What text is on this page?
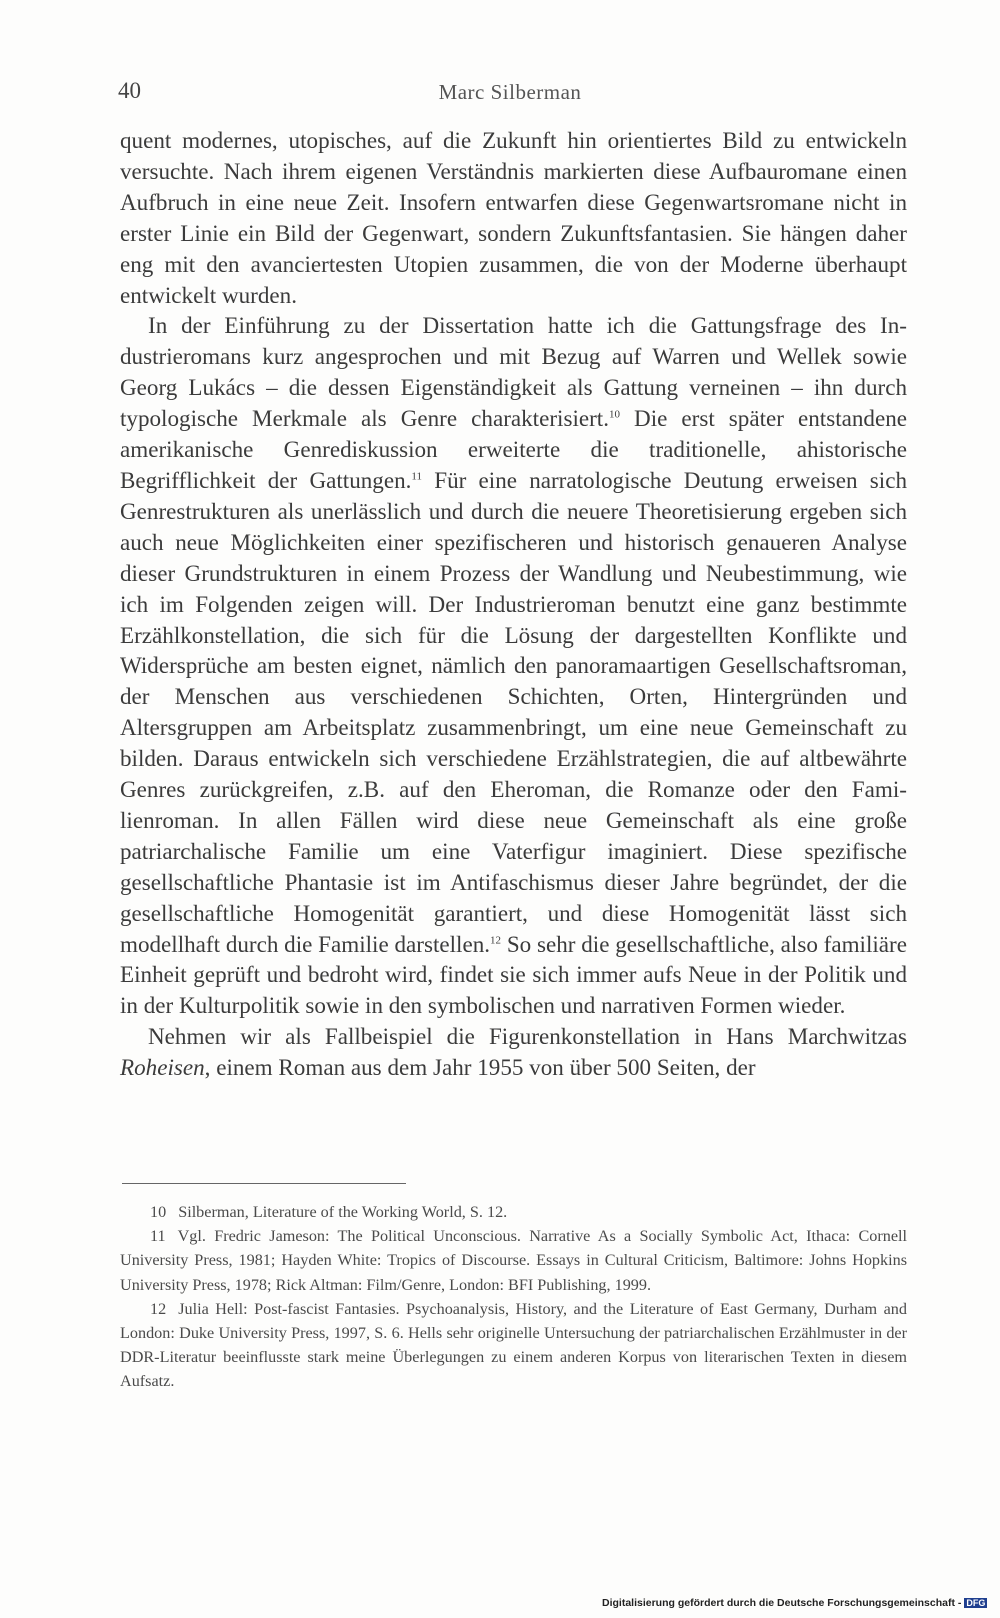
40	Marc Silberman

quent modernes, utopisches, auf die Zukunft hin orientiertes Bild zu entwickeln versuchte. Nach ihrem eigenen Verständnis markierten diese Aufbauromane einen Aufbruch in eine neue Zeit. Insofern entwarfen diese Gegenwartsromane nicht in erster Linie ein Bild der Gegenwart, sondern Zukunftsfantasien. Sie hängen daher eng mit den avanciertesten Utopien zusammen, die von der Moderne überhaupt entwickelt wurden.

In der Einführung zu der Dissertation hatte ich die Gattungsfrage des Industrieromans kurz angesprochen und mit Bezug auf Warren und Wellek sowie Georg Lukács – die dessen Eigenständigkeit als Gattung verneinen – ihn durch typologische Merkmale als Genre charakterisiert.$^{10}$ Die erst später entstandene amerikanische Genrediskussion erweiterte die traditionelle, ahistorische Begrifflichkeit der Gattungen.$^{11}$ Für eine narratologische Deutung erweisen sich Genrestrukturen als unerlässlich und durch die neuere Theoretisierung ergeben sich auch neue Möglichkeiten einer spezifischeren und historisch genaueren Analyse dieser Grundstrukturen in einem Prozess der Wandlung und Neubestimmung, wie ich im Folgenden zeigen will. Der Industrieroman benutzt eine ganz bestimmte Erzählkonstellation, die sich für die Lösung der dargestellten Konflikte und Widersprüche am besten eignet, nämlich den panoramaartigen Gesellschaftsroman, der Menschen aus verschiedenen Schichten, Orten, Hintergründen und Altersgruppen am Arbeitsplatz zusammenbringt, um eine neue Gemeinschaft zu bilden. Daraus entwickeln sich verschiedene Erzählstrategien, die auf altbewährte Genres zurückgreifen, z.B. auf den Eheroman, die Romanze oder den Familienroman. In allen Fällen wird diese neue Gemeinschaft als eine große patriarchalische Familie um eine Vaterfigur imaginiert. Diese spezifische gesellschaftliche Phantasie ist im Antifaschismus dieser Jahre begründet, der die gesellschaftliche Homogenität garantiert, und diese Homogenität lässt sich modellhaft durch die Familie darstellen.$^{12}$ So sehr die gesellschaftliche, also familiäre Einheit geprüft und bedroht wird, findet sie sich immer aufs Neue in der Politik und in der Kulturpolitik sowie in den symbolischen und narrativen Formen wieder.

Nehmen wir als Fallbeispiel die Figurenkonstellation in Hans Marchwitzas Roheisen, einem Roman aus dem Jahr 1955 von über 500 Seiten, der

10 Silberman, Literature of the Working World, S. 12.

11 Vgl. Fredric Jameson: The Political Unconscious. Narrative As a Socially Symbolic Act, Ithaca: Cornell University Press, 1981; Hayden White: Tropics of Discourse. Essays in Cultural Criticism, Baltimore: Johns Hopkins University Press, 1978; Rick Altman: Film/Genre, London: BFI Publishing, 1999.

12 Julia Hell: Post-fascist Fantasies. Psychoanalysis, History, and the Literature of East Germany, Durham and London: Duke University Press, 1997, S. 6. Hells sehr originelle Untersuchung der patriarchalischen Erzählmuster in der DDR-Literatur beeinflusste stark meine Überlegungen zu einem anderen Korpus von literarischen Texten in diesem Aufsatz.

Digitalisierung gefördert durch die Deutsche Forschungsgemeinschaft - DFG
